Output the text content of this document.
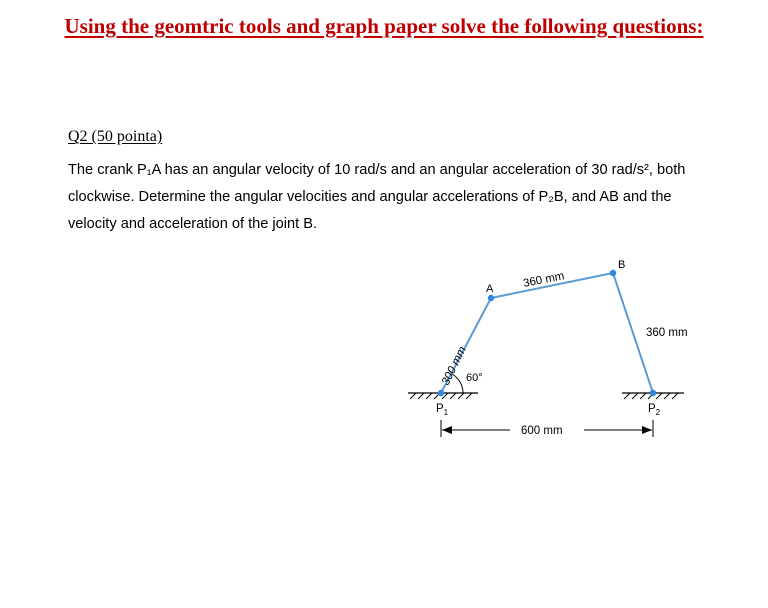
Using the geomtric tools and graph paper solve the following questions:
Q2 (50 pointa)

The crank P₁A has an angular velocity of 10 rad/s and an angular acceleration of 30 rad/s², both

clockwise. Determine the angular velocities and angular accelerations of P₂B, and AB and the

velocity and acceleration of the joint B.

A
B
360 mm
360 mm
300 mm
60°
$P_1$	$P_2$
600 mm
